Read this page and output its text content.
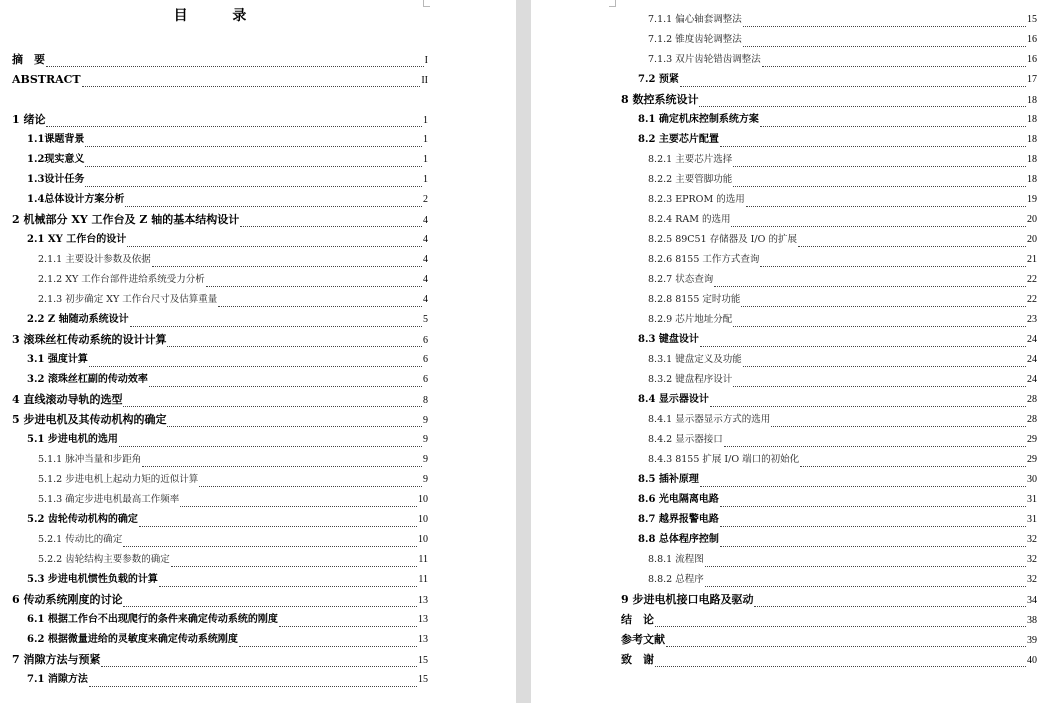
目 录
摘　要	I
ABSTRACT	II
1 绪论	1
1.1课题背景	1
1.2现实意义	1
1.3设计任务	1
1.4总体设计方案分析	2
2 机械部分 XY 工作台及 Z 轴的基本结构设计	4
2.1 XY 工作台的设计	4
2.1.1 主要设计参数及依据	4
2.1.2 XY 工作台部件进给系统受力分析	4
2.1.3 初步确定 XY 工作台尺寸及估算重量	4
2.2 Z 轴随动系统设计	5
3 滚珠丝杠传动系统的设计计算	6
3.1 强度计算	6
3.2 滚珠丝杠副的传动效率	6
4 直线滚动导轨的选型	8
5 步进电机及其传动机构的确定	9
5.1 步进电机的选用	9
5.1.1 脉冲当量和步距角	9
5.1.2 步进电机上起动力矩的近似计算	9
5.1.3 确定步进电机最高工作频率	10
5.2 齿轮传动机构的确定	10
5.2.1 传动比的确定	10
5.2.2 齿轮结构主要参数的确定	11
5.3 步进电机惯性负载的计算	11
6 传动系统刚度的讨论	13
6.1 根据工作台不出现爬行的条件来确定传动系统的刚度	13
6.2 根据微量进给的灵敏度来确定传动系统刚度	13
7 消隙方法与预紧	15
7.1 消隙方法	15
7.1.1 偏心轴套调整法	15
7.1.2 锥度齿轮调整法	16
7.1.3 双片齿轮错齿调整法	16
7.2 预紧	17
8 数控系统设计	18
8.1 确定机床控制系统方案	18
8.2 主要芯片配置	18
8.2.1 主要芯片选择	18
8.2.2 主要管脚功能	18
8.2.3 EPROM 的选用	19
8.2.4 RAM 的选用	20
8.2.5 89C51 存储器及 I/O 的扩展	20
8.2.6 8155 工作方式查询	21
8.2.7 状态查询	22
8.2.8 8155 定时功能	22
8.2.9 芯片地址分配	23
8.3 键盘设计	24
8.3.1 键盘定义及功能	24
8.3.2 键盘程序设计	24
8.4 显示器设计	28
8.4.1 显示器显示方式的选用	28
8.4.2 显示器接口	29
8.4.3 8155 扩展 I/O 端口的初始化	29
8.5 插补原理	30
8.6 光电隔离电路	31
8.7 越界报警电路	31
8.8 总体程序控制	32
8.8.1 流程图	32
8.8.2 总程序	32
9 步进电机接口电路及驱动	34
结　论	38
参考文献	39
致　谢	40
